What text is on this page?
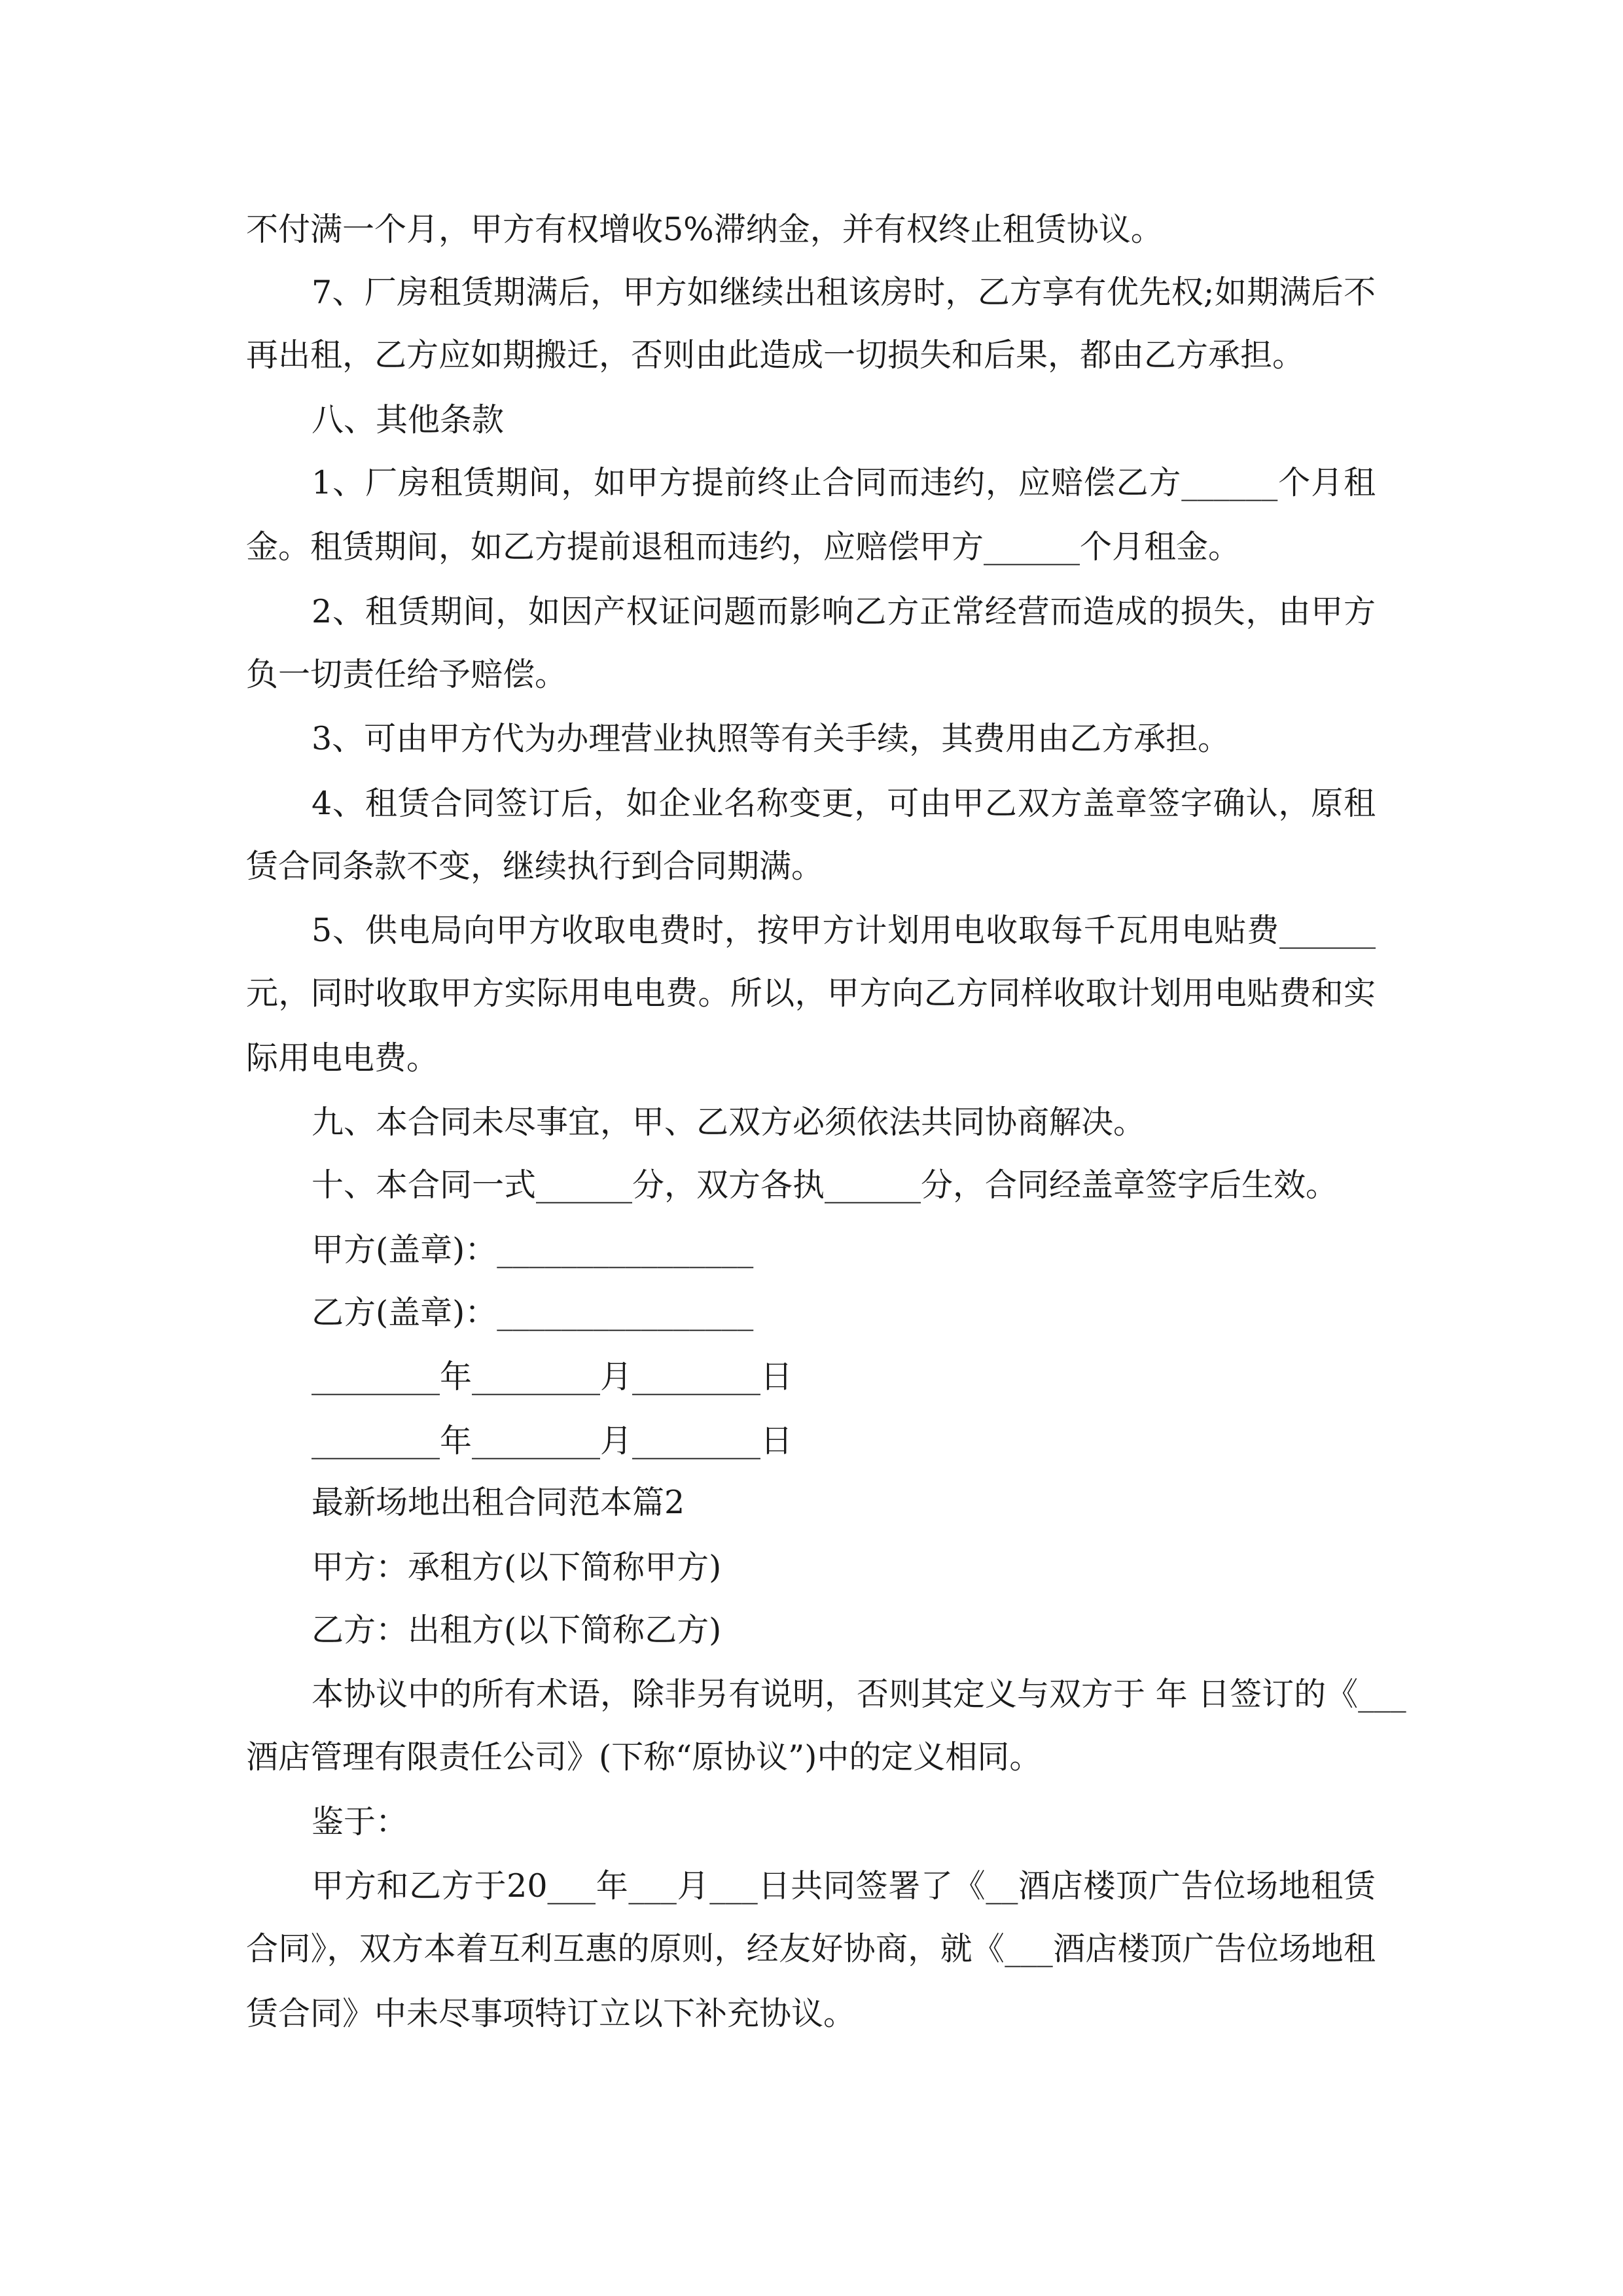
不付满一个月，甲方有权增收5%滞纳金，并有权终止租赁协议。
7、厂房租赁期满后，甲方如继续出租该房时，乙方享有优先权;如期满后不
再出租，乙方应如期搬迁，否则由此造成一切损失和后果，都由乙方承担。
八、其他条款
1、厂房租赁期间，如甲方提前终止合同而违约，应赔偿乙方______个月租
金。租赁期间，如乙方提前退租而违约，应赔偿甲方______个月租金。
2、租赁期间，如因产权证问题而影响乙方正常经营而造成的损失，由甲方
负一切责任给予赔偿。
3、可由甲方代为办理营业执照等有关手续，其费用由乙方承担。
4、租赁合同签订后，如企业名称变更，可由甲乙双方盖章签字确认，原租
赁合同条款不变，继续执行到合同期满。
5、供电局向甲方收取电费时，按甲方计划用电收取每千瓦用电贴费______
元，同时收取甲方实际用电电费。所以，甲方向乙方同样收取计划用电贴费和实
际用电电费。
九、本合同未尽事宜，甲、乙双方必须依法共同协商解决。
十、本合同一式______分，双方各执______分，合同经盖章签字后生效。
甲方(盖章)：________________
乙方(盖章)：________________
________年________月________日
________年________月________日
最新场地出租合同范本篇2
甲方：承租方(以下简称甲方)
乙方：出租方(以下简称乙方)
本协议中的所有术语，除非另有说明，否则其定义与双方于 年 日签订的《___
酒店管理有限责任公司》(下称“原协议”)中的定义相同。
鉴于：
甲方和乙方于20___年___月___日共同签署了《__酒店楼顶广告位场地租赁
合同》，双方本着互利互惠的原则，经友好协商，就《___酒店楼顶广告位场地租
赁合同》中未尽事项特订立以下补充协议。
